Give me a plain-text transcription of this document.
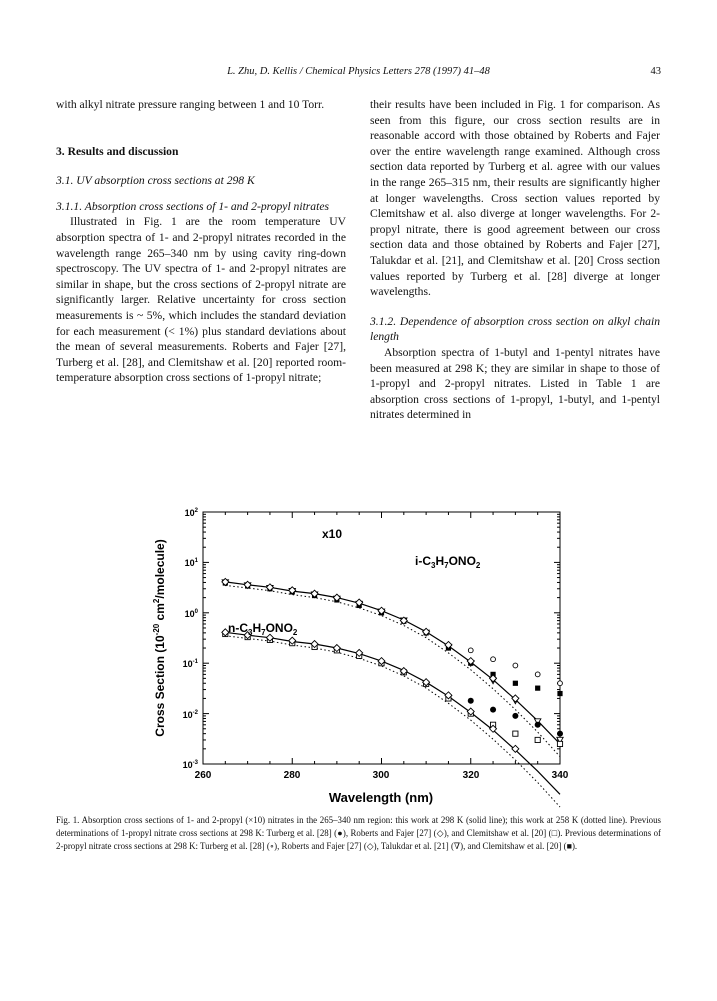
L. Zhu, D. Kellis / Chemical Physics Letters 278 (1997) 41–48	43

with alkyl nitrate pressure ranging between 1 and 10 Torr.

3. Results and discussion

3.1. UV absorption cross sections at 298 K

3.1.1. Absorption cross sections of 1- and 2-propyl nitrates

Illustrated in Fig. 1 are the room temperature UV absorption spectra of 1- and 2-propyl nitrates recorded in the wavelength range 265–340 nm by using cavity ring-down spectroscopy. The UV spectra of 1- and 2-propyl nitrates are similar in shape, but the cross sections of 2-propyl nitrate are significantly larger. Relative uncertainty for cross section measurements is ~ 5%, which includes the standard deviation for each measurement (< 1%) plus standard deviations about the mean of several measurements. Roberts and Fajer [27], Turberg et al. [28], and Clemitshaw et al. [20] reported room-temperature absorption cross sections of 1-propyl nitrate;

their results have been included in Fig. 1 for comparison. As seen from this figure, our cross section results are in reasonable accord with those obtained by Roberts and Fajer over the entire wavelength range examined. Although cross section data reported by Turberg et al. agree with our values in the range 265–315 nm, their results are significantly higher at longer wavelengths. Cross section values reported by Clemitshaw et al. also diverge at longer wavelengths. For 2-propyl nitrate, there is good agreement between our cross section data and those obtained by Roberts and Fajer [27], Talukdar et al. [21], and Clemitshaw et al. [20] Cross section values reported by Turberg et al. [28] diverge at longer wavelengths.

3.1.2. Dependence of absorption cross section on alkyl chain length

Absorption spectra of 1-butyl and 1-pentyl nitrates have been measured at 298 K; they are similar in shape to those of 1-propyl and 2-propyl nitrates. Listed in Table 1 are absorption cross sections of 1-propyl, 1-butyl, and 1-pentyl nitrates determined in

$10^2$
$10^1$
$10^0$
$10^{-1}$
$10^{-2}$
$10^{-3}$
260	280	300	320	340
Wavelength (nm)
Cross Section ($10^{-20}$ $cm^2/molecule$)
x10
$i-C_3H_7ONO_2$
$n-C_3H_7ONO_2$
Fig. 1. Absorption cross sections of 1- and 2-propyl (×10) nitrates in the 265–340 nm region: this work at 298 K (solid line); this work at 258 K (dotted line). Previous determinations of 1-propyl nitrate cross sections at 298 K: Turberg et al. [28] (●), Roberts and Fajer [27] (◇), and Clemitshaw et al. [20] (□). Previous determinations of 2-propyl nitrate cross sections at 298 K: Turberg et al. [28] (∘), Roberts and Fajer [27] (◇), Talukdar et al. [21] (∇), and Clemitshaw et al. [20] (■).
